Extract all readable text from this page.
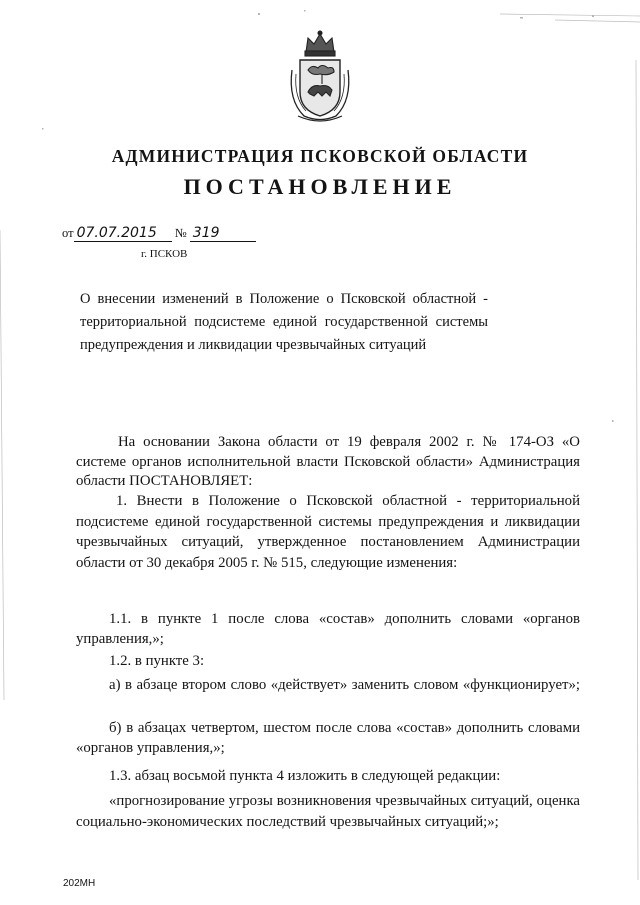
АДМИНИСТРАЦИЯ ПСКОВСКОЙ ОБЛАСТИ
ПОСТАНОВЛЕНИЕ
от 07.07.2015 № 319
г. ПСКОВ
О внесении изменений в Положение о Псковской областной - территориальной подсистеме единой государственной системы предупреждения и ликвидации чрезвычайных ситуаций
На основании Закона области от 19 февраля 2002 г. № 174-ОЗ «О системе органов исполнительной власти Псковской области» Администрация области ПОСТАНОВЛЯЕТ:
1. Внести в Положение о Псковской областной - территориальной подсистеме единой государственной системы предупреждения и ликвидации чрезвычайных ситуаций, утвержденное постановлением Администрации области от 30 декабря 2005 г. № 515, следующие изменения:
1.1. в пункте 1 после слова «состав» дополнить словами «органов управления,»;
1.2. в пункте 3:
а) в абзаце втором слово «действует» заменить словом «функционирует»;
б) в абзацах четвертом, шестом после слова «состав» дополнить словами «органов управления,»;
1.3. абзац восьмой пункта 4 изложить в следующей редакции:
«прогнозирование угрозы возникновения чрезвычайных ситуаций, оценка социально-экономических последствий чрезвычайных ситуаций;»;
202МН
